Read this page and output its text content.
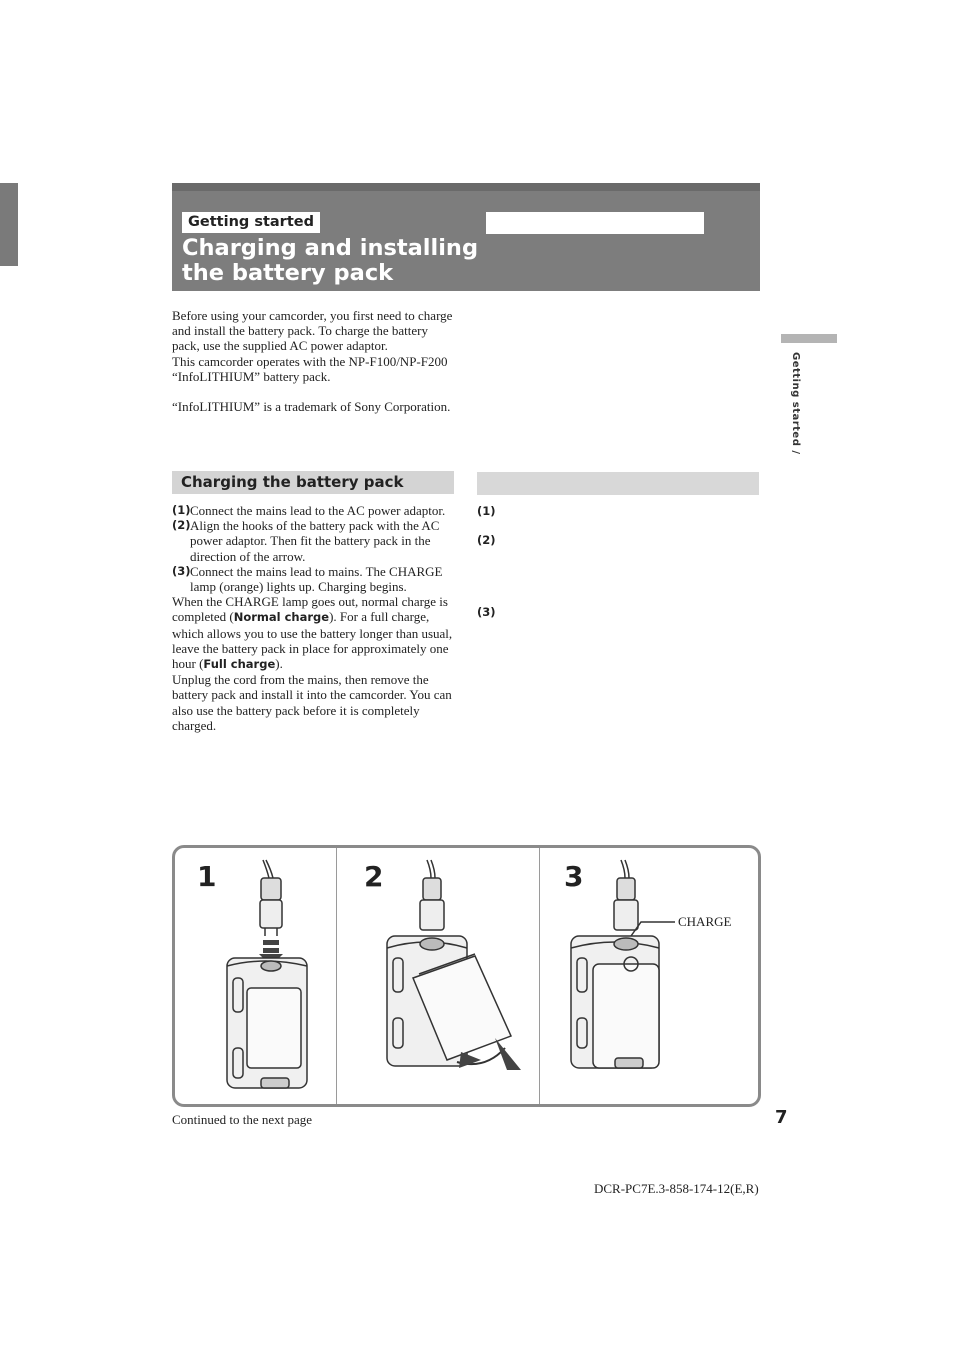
Getting started
Charging and installing
the battery pack
Getting started /

Before using your camcorder, you first need to charge and install the battery pack. To charge the battery pack, use the supplied AC power adaptor.

This camcorder operates with the NP-F100/NP-F200 “InfoLITHIUM” battery pack.

“InfoLITHIUM” is a trademark of Sony Corporation.

Charging the battery pack
(1) Connect the mains lead to the AC power adaptor.
(2) Align the hooks of the battery pack with the AC power adaptor. Then fit the battery pack in the direction of the arrow.
(3) Connect the mains lead to mains. The CHARGE lamp (orange) lights up. Charging begins.
When the CHARGE lamp goes out, normal charge is completed (Normal charge). For a full charge, which allows you to use the battery longer than usual, leave the battery pack in place for approximately one hour (Full charge).
Unplug the cord from the mains, then remove the battery pack and install it into the camcorder. You can also use the battery pack before it is completely charged.
(1)
(2)
(3)
1	2	3
CHARGE
Continued to the next page	7
DCR-PC7E.3-858-174-12(E,R)
